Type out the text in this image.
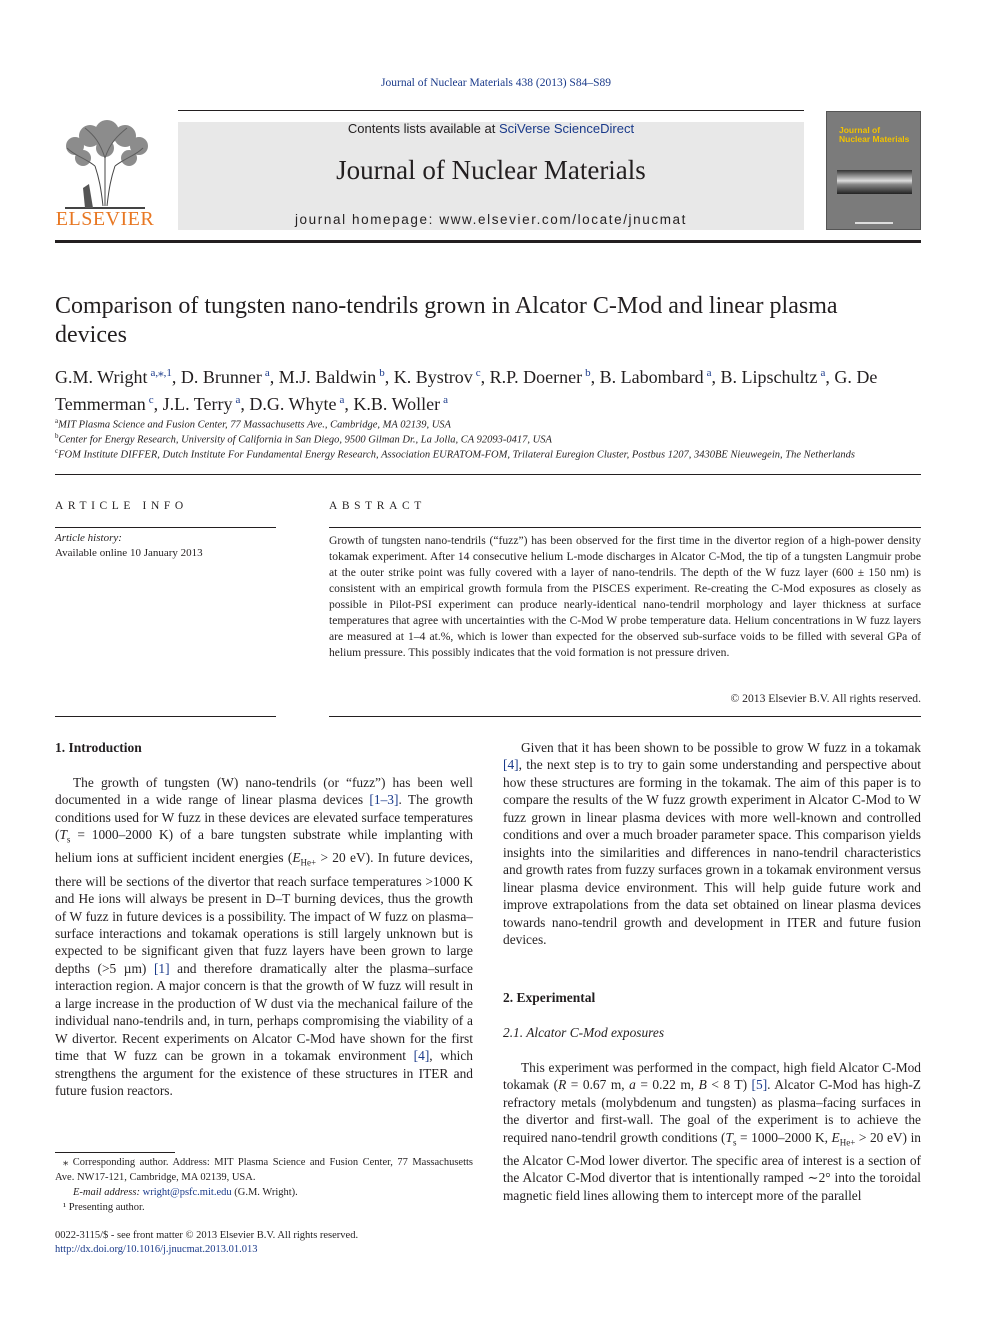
Journal of Nuclear Materials 438 (2013) S84–S89
ELSEVIER
Contents lists available at SciVerse ScienceDirect
Journal of Nuclear Materials
journal homepage: www.elsevier.com/locate/jnucmat
Journal of
Nuclear Materials
Comparison of tungsten nano-tendrils grown in Alcator C-Mod and linear plasma devices
G.M. Wright $^{a,⁎,1}$, D. Brunner $^a$, M.J. Baldwin $^b$, K. Bystrov $^c$, R.P. Doerner $^b$, B. Labombard $^a$, B. Lipschultz $^a$, G. De Temmerman $^c$, J.L. Terry $^a$, D.G. Whyte $^a$, K.B. Woller $^a$
$^a$MIT Plasma Science and Fusion Center, 77 Massachusetts Ave., Cambridge, MA 02139, USA
$^b$Center for Energy Research, University of California in San Diego, 9500 Gilman Dr., La Jolla, CA 92093-0417, USA
$^c$FOM Institute DIFFER, Dutch Institute For Fundamental Energy Research, Association EURATOM-FOM, Trilateral Euregion Cluster, Postbus 1207, 3430BE Nieuwegein, The Netherlands
ARTICLE INFO
Article history:
Available online 10 January 2013
ABSTRACT
Growth of tungsten nano-tendrils (“fuzz”) has been observed for the first time in the divertor region of a high-power density tokamak experiment. After 14 consecutive helium L-mode discharges in Alcator C-Mod, the tip of a tungsten Langmuir probe at the outer strike point was fully covered with a layer of nano-tendrils. The depth of the W fuzz layer (600 ± 150 nm) is consistent with an empirical growth formula from the PISCES experiment. Re-creating the C-Mod exposures as closely as possible in Pilot-PSI experiment can produce nearly-identical nano-tendril morphology and layer thickness at surface temperatures that agree with uncertainties with the C-Mod W probe temperature data. Helium concentrations in W fuzz layers are measured at 1–4 at.%, which is lower than expected for the observed sub-surface voids to be filled with several GPa of helium pressure. This possibly indicates that the void formation is not pressure driven.
© 2013 Elsevier B.V. All rights reserved.
1. Introduction
The growth of tungsten (W) nano-tendrils (or “fuzz”) has been well documented in a wide range of linear plasma devices [1–3]. The growth conditions used for W fuzz in these devices are elevated surface temperatures ($T_s = 1000-2000$ K) of a bare tungsten substrate while implanting with helium ions at sufficient incident energies ($E_{He+} > 20$ eV). In future devices, there will be sections of the divertor that reach surface temperatures >1000 K and He ions will always be present in D–T burning devices, thus the growth of W fuzz in future devices is a possibility. The impact of W fuzz on plasma–surface interactions and tokamak operations is still largely unknown but is expected to be significant given that fuzz layers have been grown to large depths (>5 µm) [1] and therefore dramatically alter the plasma–surface interaction region. A major concern is that the growth of W fuzz will result in a large increase in the production of W dust via the mechanical failure of the individual nano-tendrils and, in turn, perhaps compromising the viability of a W divertor. Recent experiments on Alcator C-Mod have shown for the first time that W fuzz can be grown in a tokamak environment [4], which strengthens the argument for the existence of these structures in ITER and future fusion reactors.
Given that it has been shown to be possible to grow W fuzz in a tokamak [4], the next step is to try to gain some understanding and perspective about how these structures are forming in the tokamak. The aim of this paper is to compare the results of the W fuzz growth experiment in Alcator C-Mod to W fuzz grown in linear plasma devices with more well-known and controlled conditions and over a much broader parameter space. This comparison yields insights into the similarities and differences in nano-tendril characteristics and growth rates from fuzzy surfaces grown in a tokamak environment versus linear plasma device environment. This will help guide future work and improve extrapolations from the data set obtained on linear plasma devices towards nano-tendril growth and development in ITER and future fusion devices.
2. Experimental
2.1. Alcator C-Mod exposures
This experiment was performed in the compact, high field Alcator C-Mod tokamak (R = 0.67 m, a = 0.22 m, B < 8 T) [5]. Alcator C-Mod has high-Z refractory metals (molybdenum and tungsten) as plasma–facing surfaces in the divertor and first-wall. The goal of the experiment is to achieve the required nano-tendril growth conditions ($T_s = 1000-2000$ K, $E_{He+} > 20$ eV) in the Alcator C-Mod lower divertor. The specific area of interest is a section of the Alcator C-Mod divertor that is intentionally ramped ∼2° into the toroidal magnetic field lines allowing them to intercept more of the parallel
⁎ Corresponding author. Address: MIT Plasma Science and Fusion Center, 77 Massachusetts Ave. NW17-121, Cambridge, MA 02139, USA.
E-mail address: wright@psfc.mit.edu (G.M. Wright).
¹ Presenting author.
0022-3115/$ - see front matter © 2013 Elsevier B.V. All rights reserved.
http://dx.doi.org/10.1016/j.jnucmat.2013.01.013
